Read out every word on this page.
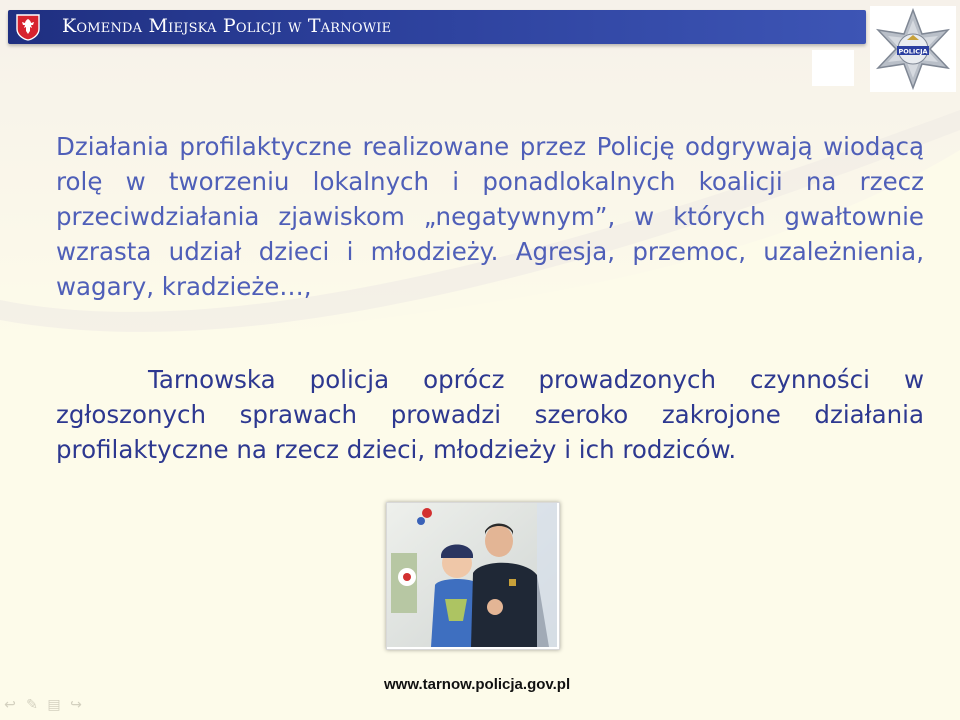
Komenda Miejska Policji w Tarnowie
POLICJA
Działania profilaktyczne realizowane przez Policję odgrywają wiodącą rolę w tworzeniu lokalnych i ponadlokalnych koalicji na rzecz przeciwdziałania zjawiskom „negatywnym”, w których gwałtownie wzrasta udział dzieci i młodzieży. Agresja, przemoc, uzależnienia, wagary, kradzieże…,
Tarnowska policja oprócz prowadzonych czynności w zgłoszonych sprawach prowadzi szeroko zakrojone działania profilaktyczne na rzecz dzieci, młodzieży i ich rodziców.
www.tarnow.policja.gov.pl
↩ ✎ ▤ ↪
